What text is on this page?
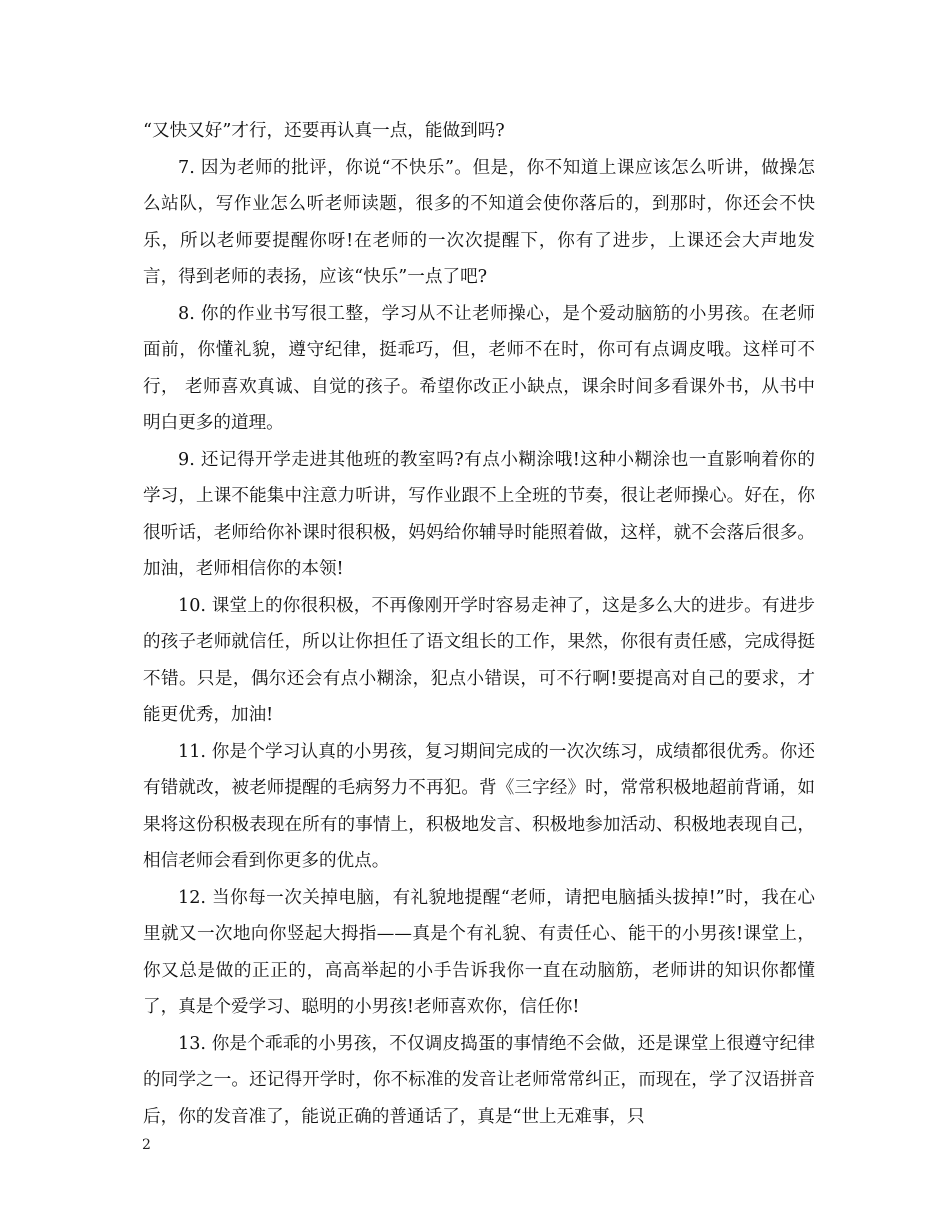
“又快又好”才行，还要再认真一点，能做到吗?

7. 因为老师的批评，你说“不快乐”。但是，你不知道上课应该怎么听讲，做操怎么站队，写作业怎么听老师读题，很多的不知道会使你落后的，到那时，你还会不快乐，所以老师要提醒你呀!在老师的一次次提醒下，你有了进步，上课还会大声地发言，得到老师的表扬，应该“快乐”一点了吧?

8. 你的作业书写很工整，学习从不让老师操心，是个爱动脑筋的小男孩。在老师面前，你懂礼貌，遵守纪律，挺乖巧，但，老师不在时，你可有点调皮哦。这样可不行， 老师喜欢真诚、自觉的孩子。希望你改正小缺点，课余时间多看课外书，从书中明白更多的道理。

9. 还记得开学走进其他班的教室吗?有点小糊涂哦!这种小糊涂也一直影响着你的学习，上课不能集中注意力听讲，写作业跟不上全班的节奏，很让老师操心。好在，你很听话，老师给你补课时很积极，妈妈给你辅导时能照着做，这样，就不会落后很多。加油，老师相信你的本领!

10. 课堂上的你很积极，不再像刚开学时容易走神了，这是多么大的进步。有进步的孩子老师就信任，所以让你担任了语文组长的工作，果然，你很有责任感，完成得挺不错。只是，偶尔还会有点小糊涂，犯点小错误，可不行啊!要提高对自己的要求，才能更优秀，加油!

11. 你是个学习认真的小男孩，复习期间完成的一次次练习，成绩都很优秀。你还有错就改，被老师提醒的毛病努力不再犯。背《三字经》时，常常积极地超前背诵，如果将这份积极表现在所有的事情上，积极地发言、积极地参加活动、积极地表现自己，相信老师会看到你更多的优点。

12. 当你每一次关掉电脑，有礼貌地提醒“老师，请把电脑插头拔掉!”时，我在心里就又一次地向你竖起大拇指——真是个有礼貌、有责任心、能干的小男孩!课堂上，你又总是做的正正的，高高举起的小手告诉我你一直在动脑筋，老师讲的知识你都懂了，真是个爱学习、聪明的小男孩!老师喜欢你，信任你!

13. 你是个乖乖的小男孩，不仅调皮捣蛋的事情绝不会做，还是课堂上很遵守纪律的同学之一。还记得开学时，你不标准的发音让老师常常纠正，而现在，学了汉语拼音后，你的发音准了，能说正确的普通话了，真是“世上无难事，只

2
